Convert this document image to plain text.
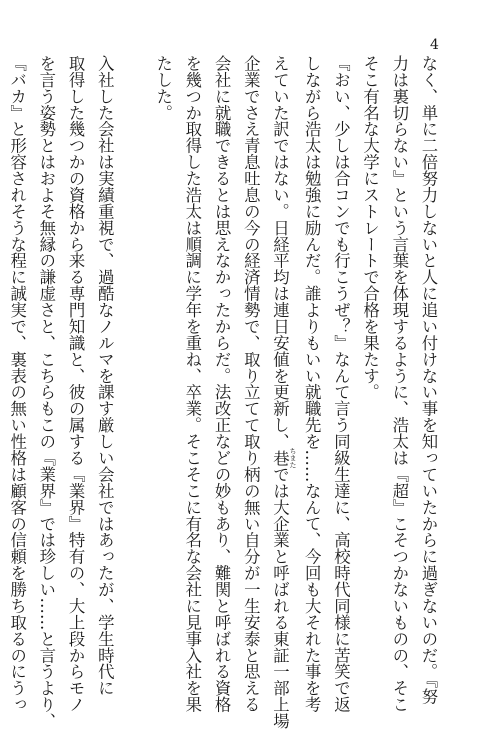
4
なく、単に二倍努力しないと人に追い付けない事を知っていたからに過ぎないのだ。『努
力は裏切らない』という言葉を体現するように、浩太は『超』こそつかないものの、そこ
そこ有名な大学にストレートで合格を果たす。
『おい、少しは合コンでも行こうぜ？』なんて言う同級生達に、高校時代同様に苦笑で返
しながら浩太は勉強に励んだ。誰よりもいい就職先を……なんて、今回も大それた事を考
えていた訳ではない。日経平均は連日安値を更新し、巷 ちまたでは大企業と呼ばれる東証一部上場
企業でさえ青息吐息の今の経済情勢で、取り立てて取り柄の無い自分が一生安泰と思える
会社に就職できるとは思えなかったからだ。法改正などの妙もあり、難関と呼ばれる資格
を幾つか取得した浩太は順調に学年を重ね、卒業。そこそこに有名な会社に見事入社を果
たした。
入社した会社は実績重視で、過酷なノルマを課す厳しい会社ではあったが、学生時代に
取得した幾つかの資格から来る専門知識と、彼の属する『業界』特有の、大上段からモノ
を言う姿勢とはおよそ無縁の謙虚さと、こちらもこの『業界』では珍しい……と言うより、
『バカ』と形容されそうな程に誠実で、裏表の無い性格は顧客の信頼を勝ち取るのにうっ
